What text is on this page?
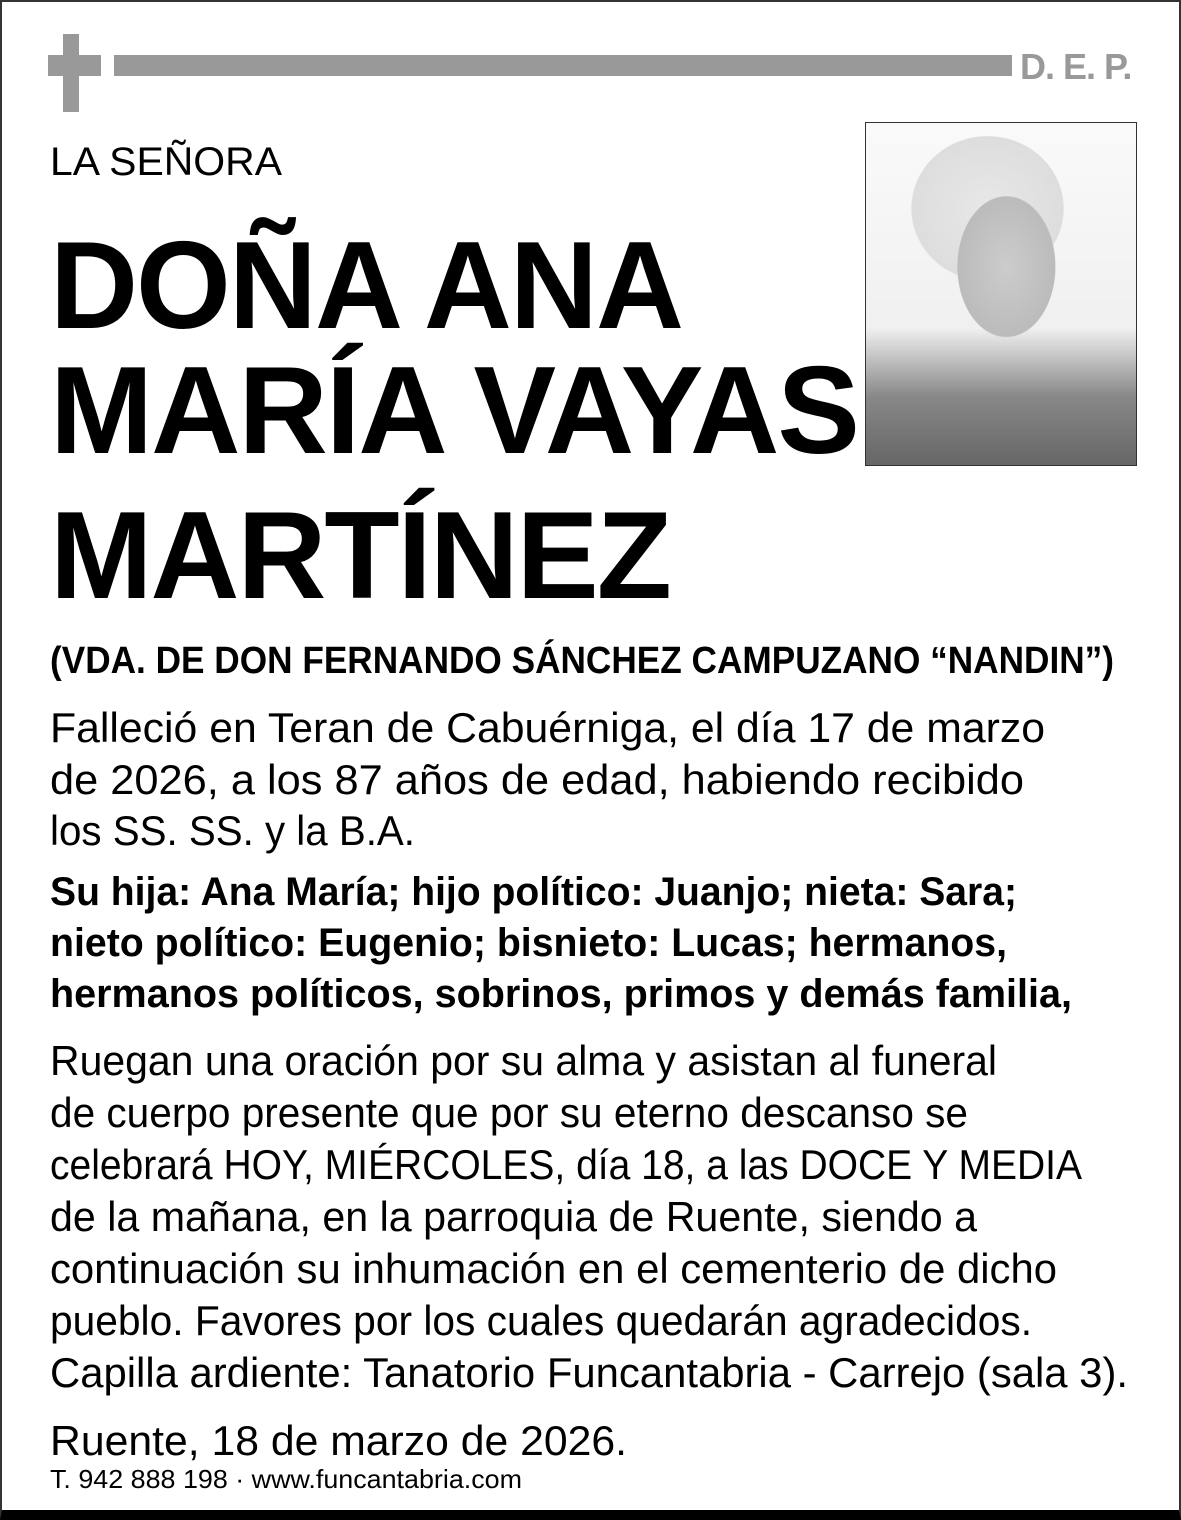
D. E. P.
LA SEÑORA
DOÑA ANA
MARÍA VAYAS
MARTÍNEZ
(VDA. DE DON FERNANDO SÁNCHEZ CAMPUZANO “NANDIN”)
Falleció en Teran de Cabuérniga, el día 17 de marzo
de 2026, a los 87 años de edad, habiendo recibido
los SS. SS. y la B.A.
Su hija: Ana María; hijo político: Juanjo; nieta: Sara;
nieto político: Eugenio; bisnieto: Lucas; hermanos,
hermanos políticos, sobrinos, primos y demás familia,
Ruegan una oración por su alma y asistan al funeral
de cuerpo presente que por su eterno descanso se
celebrará HOY, MIÉRCOLES, día 18, a las DOCE Y MEDIA
de la mañana, en la parroquia de Ruente, siendo a
continuación su inhumación en el cementerio de dicho
pueblo. Favores por los cuales quedarán agradecidos.
Capilla ardiente: Tanatorio Funcantabria - Carrejo (sala 3).
Ruente, 18 de marzo de 2026.
T. 942 888 198 · www.funcantabria.com
